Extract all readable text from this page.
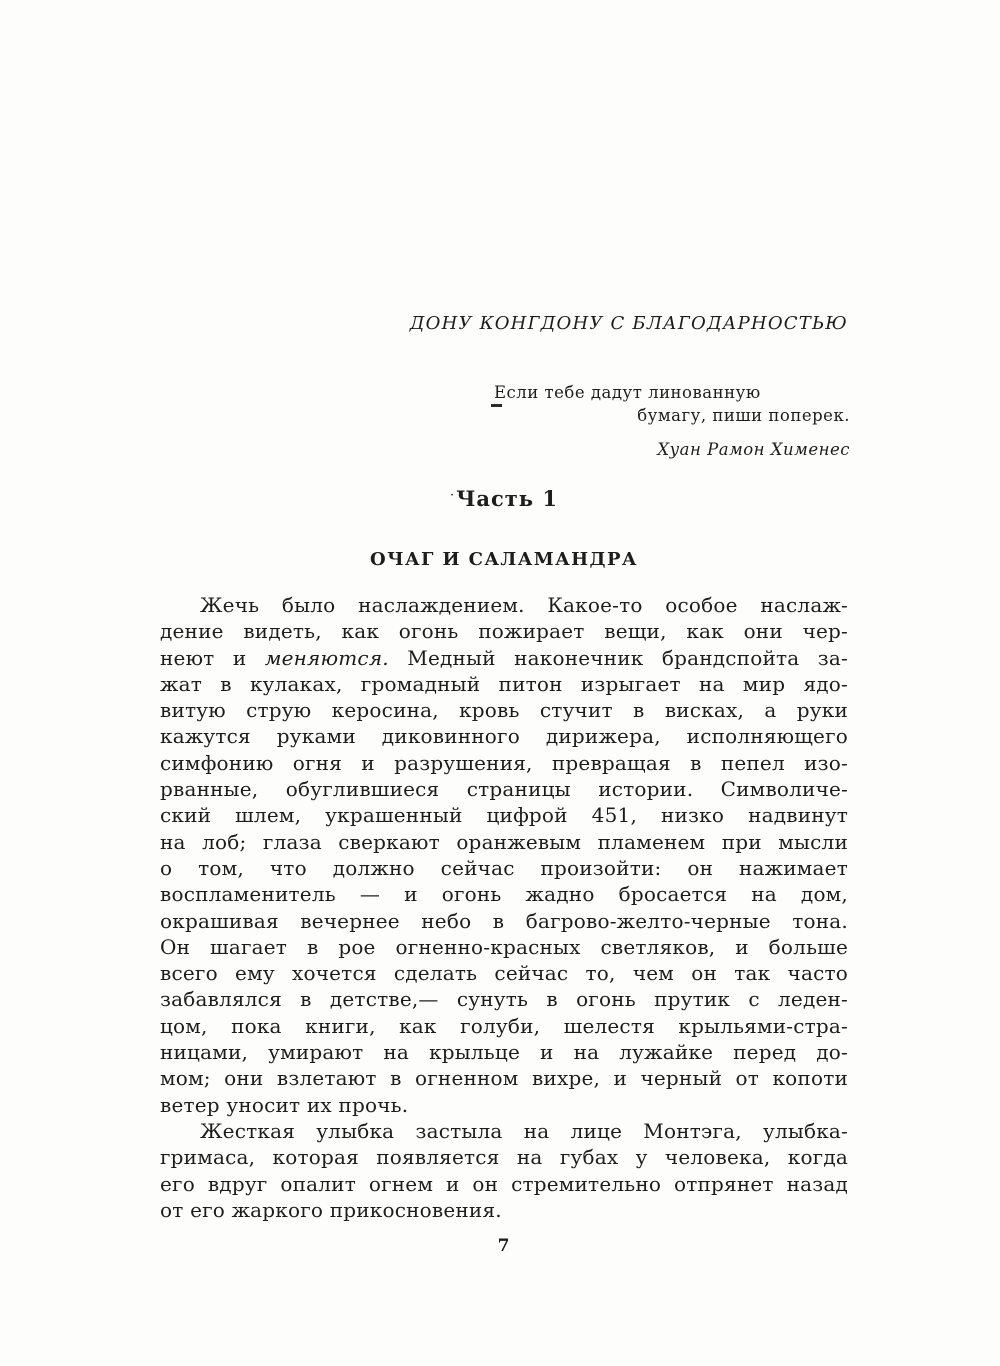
ДОНУ КОНГДОНУ С БЛАГОДАРНОСТЬЮ
Если тебе дадут линованную
бумагу, пиши поперек.
Хуан Рамон Хименес
·Часть 1
ОЧАГ И САЛАМАНДРА
Жечь было наслаждением. Какое-то особое наслаж-
дение видеть, как огонь пожирает вещи, как они чер-
неют и меняются. Медный наконечник брандспойта за-
жат в кулаках, громадный питон изрыгает на мир ядо-
витую струю керосина, кровь стучит в висках, а руки
кажутся руками диковинного дирижера, исполняющего
симфонию огня и разрушения, превращая в пепел изо-
рванные, обуглившиеся страницы истории. Символиче-
ский шлем, украшенный цифрой 451, низко надвинут
на лоб; глаза сверкают оранжевым пламенем при мысли
о том, что должно сейчас произойти: он нажимает
воспламенитель — и огонь жадно бросается на дом,
окрашивая вечернее небо в багрово-желто-черные тона.
Он шагает в рое огненно-красных светляков, и больше
всего ему хочется сделать сейчас то, чем он так часто
забавлялся в детстве,— сунуть в огонь прутик с леден-
цом, пока книги, как голуби, шелестя крыльями-стра-
ницами, умирают на крыльце и на лужайке перед до-
мом; они взлетают в огненном вихре, и черный от копоти
ветер уносит их прочь.
Жесткая улыбка застыла на лице Монтэга, улыбка-
гримаса, которая появляется на губах у человека, когда
его вдруг опалит огнем и он стремительно отпрянет назад
от его жаркого прикосновения.
7
